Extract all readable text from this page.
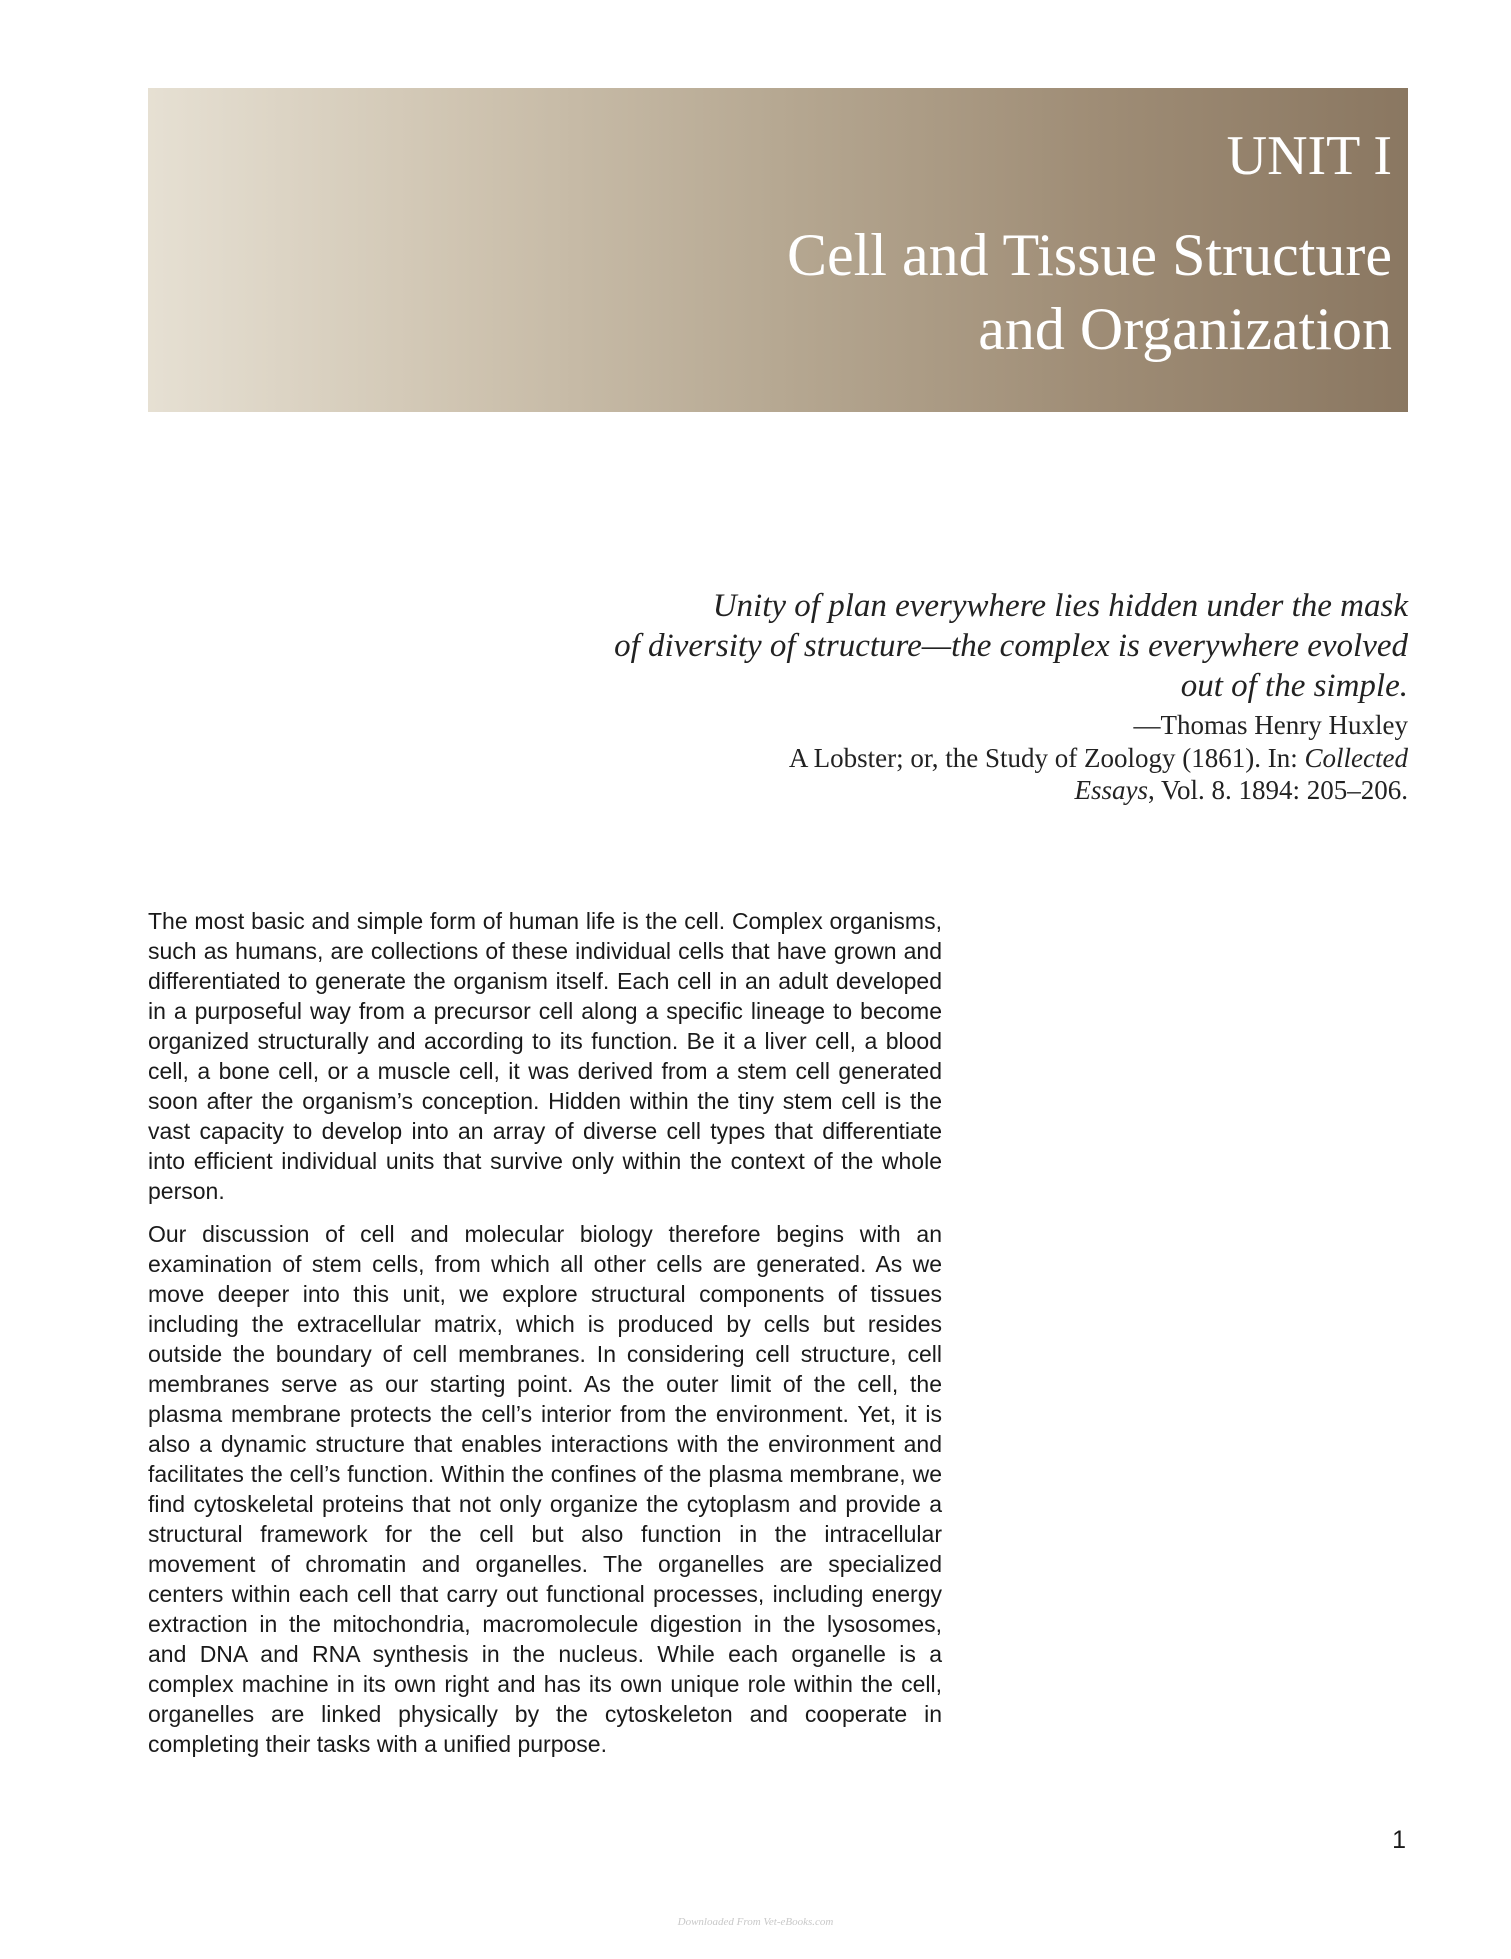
UNIT I
Cell and Tissue Structure
and Organization
Unity of plan everywhere lies hidden under the mask
of diversity of structure—the complex is everywhere evolved
out of the simple.
—Thomas Henry Huxley
A Lobster; or, the Study of Zoology (1861). In: Collected
Essays, Vol. 8. 1894: 205–206.

The most basic and simple form of human life is the cell. Complex organisms, such as humans, are collections of these individual cells that have grown and differentiated to generate the organism itself. Each cell in an adult developed in a purposeful way from a precursor cell along a specific lineage to become organized structurally and according to its function. Be it a liver cell, a blood cell, a bone cell, or a muscle cell, it was derived from a stem cell generated soon after the organism’s conception. Hidden within the tiny stem cell is the vast capacity to develop into an array of diverse cell types that differentiate into efficient individual units that survive only within the context of the whole person.

Our discussion of cell and molecular biology therefore begins with an examination of stem cells, from which all other cells are generated. As we move deeper into this unit, we explore structural components of tissues including the extracellular matrix, which is produced by cells but resides outside the boundary of cell membranes. In considering cell structure, cell membranes serve as our starting point. As the outer limit of the cell, the plasma membrane protects the cell’s interior from the environment. Yet, it is also a dynamic structure that enables interactions with the environment and facilitates the cell’s function. Within the confines of the plasma membrane, we find cytoskeletal proteins that not only organize the cytoplasm and provide a structural framework for the cell but also function in the intracellular movement of chromatin and organelles. The organelles are specialized centers within each cell that carry out functional processes, including energy extraction in the mitochondria, macromolecule digestion in the lysosomes, and DNA and RNA synthesis in the nucleus. While each organelle is a complex machine in its own right and has its own unique role within the cell, organelles are linked physically by the cytoskeleton and cooperate in completing their tasks with a unified purpose.

1
Downloaded From Vet-eBooks.com
